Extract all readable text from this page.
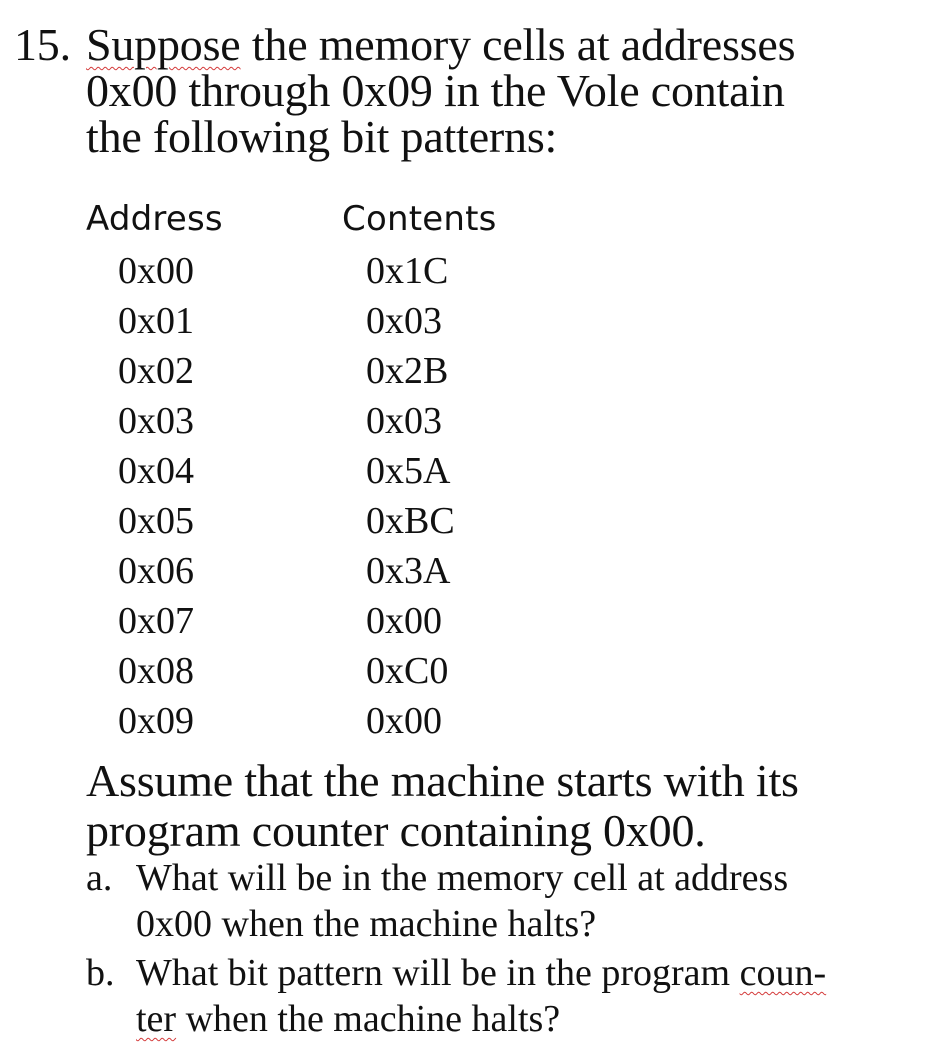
15. Suppose the memory cells at addresses
0x00 through 0x09 in the Vole contain
the following bit patterns:
Address	Contents
0x00	0x1C
0x01	0x03
0x02	0x2B
0x03	0x03
0x04	0x5A
0x05	0xBC
0x06	0x3A
0x07	0x00
0x08	0xC0
0x09	0x00
Assume that the machine starts with its
program counter containing 0x00.
a. What will be in the memory cell at address
0x00 when the machine halts?
b. What bit pattern will be in the program coun-
ter when the machine halts?
